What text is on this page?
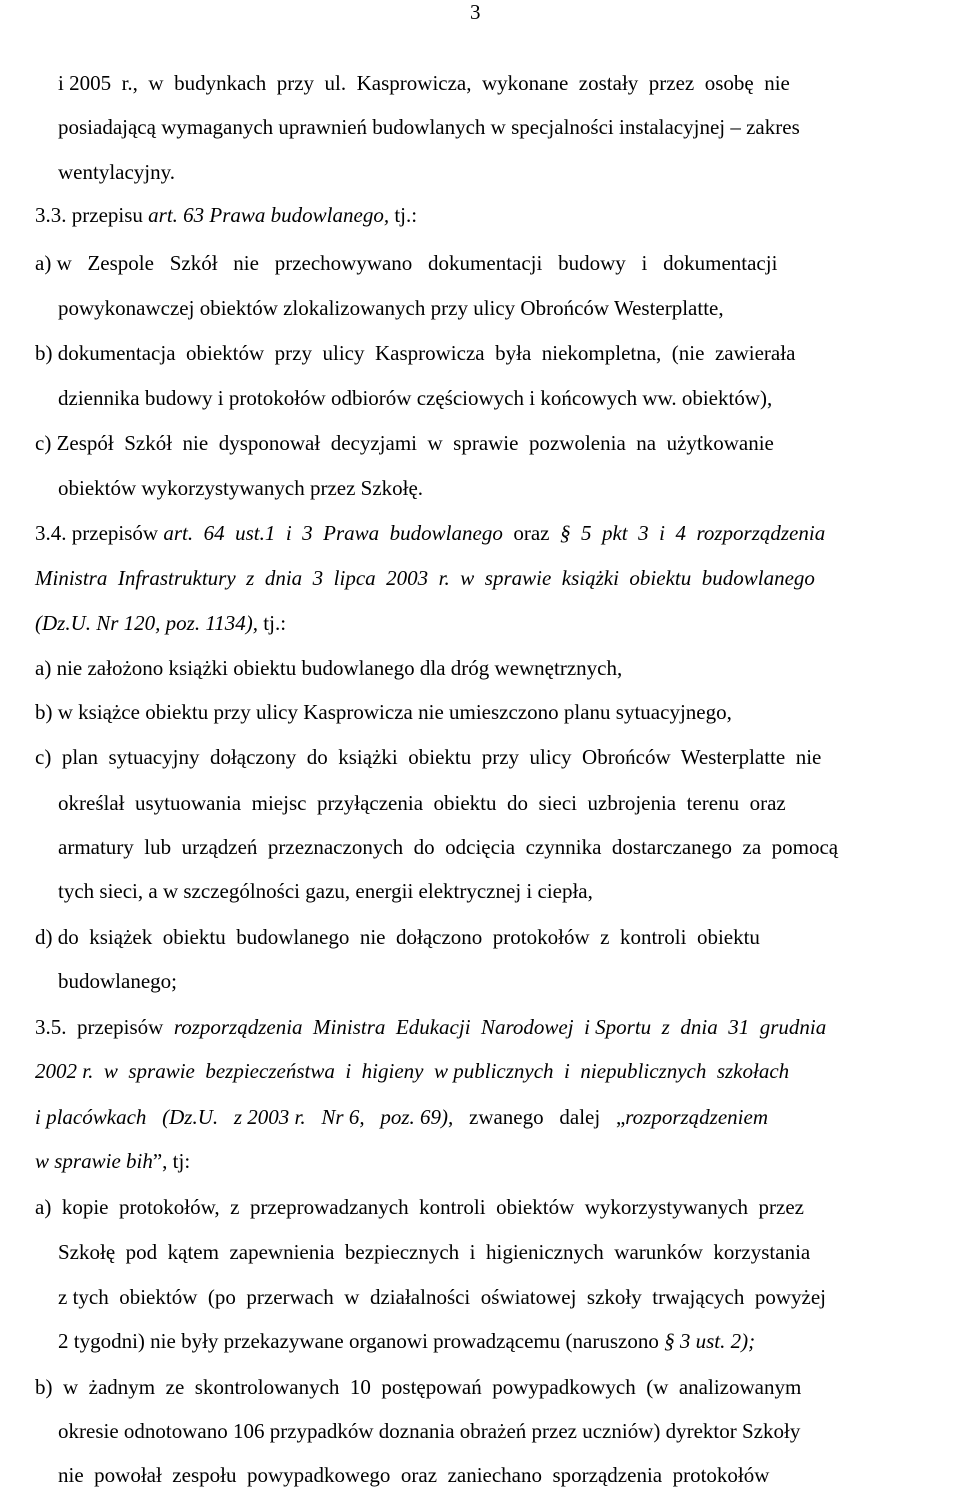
3
i 2005  r.,  w  budynkach  przy  ul.  Kasprowicza,  wykonane  zostały  przez  osobę  nie
posiadającą wymaganych uprawnień budowlanych w specjalności instalacyjnej – zakres
wentylacyjny.
3.3. przepisu art. 63 Prawa budowlanego, tj.:
a) w   Zespole   Szkół   nie   przechowywano   dokumentacji   budowy   i   dokumentacji
powykonawczej obiektów zlokalizowanych przy ulicy Obrońców Westerplatte,
b) dokumentacja  obiektów  przy  ulicy  Kasprowicza  była  niekompletna,  (nie  zawierała
dziennika budowy i protokołów odbiorów częściowych i końcowych ww. obiektów),
c) Zespół  Szkół  nie  dysponował  decyzjami  w  sprawie  pozwolenia  na  użytkowanie
obiektów wykorzystywanych przez Szkołę.
3.4. przepisów art.  64  ust.1  i  3  Prawa  budowlanego  oraz  §  5  pkt  3  i  4  rozporządzenia
Ministra  Infrastruktury  z  dnia  3  lipca  2003  r.  w  sprawie  książki  obiektu  budowlanego
(Dz.U. Nr 120, poz. 1134), tj.:
a) nie założono książki obiektu budowlanego dla dróg wewnętrznych,
b) w książce obiektu przy ulicy Kasprowicza nie umieszczono planu sytuacyjnego,
c)  plan  sytuacyjny  dołączony  do  książki  obiektu  przy  ulicy  Obrońców  Westerplatte  nie
określał  usytuowania  miejsc  przyłączenia  obiektu  do  sieci  uzbrojenia  terenu  oraz
armatury  lub  urządzeń  przeznaczonych  do  odcięcia  czynnika  dostarczanego  za  pomocą
tych sieci, a w szczególności gazu, energii elektrycznej i ciepła,
d) do  książek  obiektu  budowlanego  nie  dołączono  protokołów  z  kontroli  obiektu
budowlanego;
3.5.  przepisów  rozporządzenia  Ministra  Edukacji  Narodowej  i Sportu  z  dnia  31  grudnia
2002 r.  w  sprawie  bezpieczeństwa  i  higieny  w publicznych  i  niepublicznych  szkołach
i placówkach   (Dz.U.   z 2003 r.   Nr 6,   poz. 69),   zwanego   dalej   „rozporządzeniem
w sprawie bih”, tj:
a)  kopie  protokołów,  z  przeprowadzanych  kontroli  obiektów  wykorzystywanych  przez
Szkołę  pod  kątem  zapewnienia  bezpiecznych  i  higienicznych  warunków  korzystania
z tych  obiektów  (po  przerwach  w  działalności  oświatowej  szkoły  trwających  powyżej
2 tygodni) nie były przekazywane organowi prowadzącemu (naruszono § 3 ust. 2);
b)  w  żadnym  ze  skontrolowanych  10  postępowań  powypadkowych  (w  analizowanym
okresie odnotowano 106 przypadków doznania obrażeń przez uczniów) dyrektor Szkoły
nie  powołał  zespołu  powypadkowego  oraz  zaniechano  sporządzenia  protokołów
